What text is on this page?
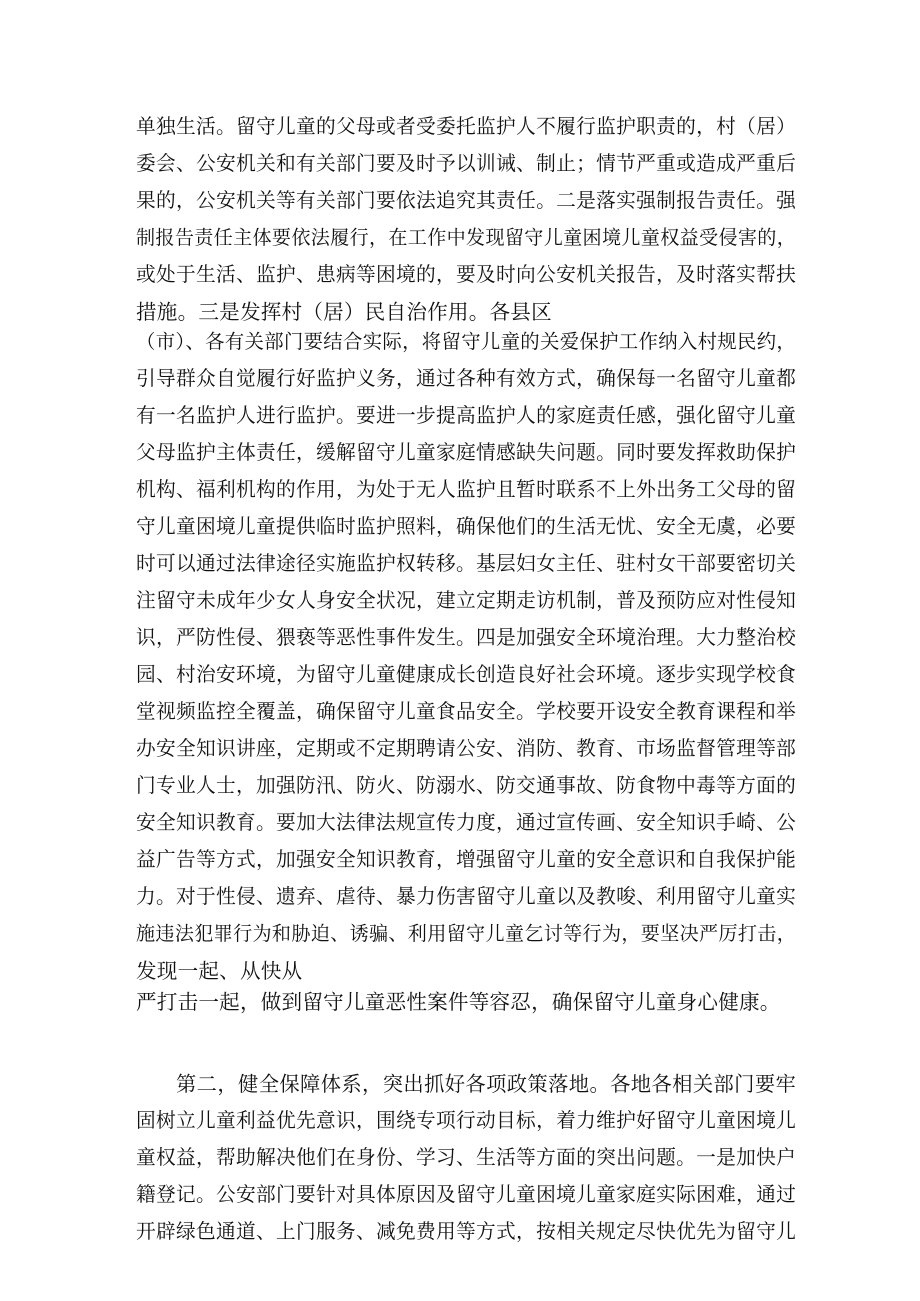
单独生活。留守儿童的父母或者受委托监护人不履行监护职责的，村（居）
委会、公安机关和有关部门要及时予以训诫、制止；情节严重或造成严重后
果的，公安机关等有关部门要依法追究其责任。二是落实强制报告责任。强
制报告责任主体要依法履行，在工作中发现留守儿童困境儿童权益受侵害的，
或处于生活、监护、患病等困境的，要及时向公安机关报告，及时落实帮扶
措施。三是发挥村（居）民自治作用。各县区
（市）、各有关部门要结合实际，将留守儿童的关爱保护工作纳入村规民约，
引导群众自觉履行好监护义务，通过各种有效方式，确保每一名留守儿童都
有一名监护人进行监护。要进一步提高监护人的家庭责任感，强化留守儿童
父母监护主体责任，缓解留守儿童家庭情感缺失问题。同时要发挥救助保护
机构、福利机构的作用，为处于无人监护且暂时联系不上外出务工父母的留
守儿童困境儿童提供临时监护照料，确保他们的生活无忧、安全无虞，必要
时可以通过法律途径实施监护权转移。基层妇女主任、驻村女干部要密切关
注留守未成年少女人身安全状况，建立定期走访机制，普及预防应对性侵知
识，严防性侵、猥亵等恶性事件发生。四是加强安全环境治理。大力整治校
园、村治安环境，为留守儿童健康成长创造良好社会环境。逐步实现学校食
堂视频监控全覆盖，确保留守儿童食品安全。学校要开设安全教育课程和举
办安全知识讲座，定期或不定期聘请公安、消防、教育、市场监督管理等部
门专业人士，加强防汛、防火、防溺水、防交通事故、防食物中毒等方面的
安全知识教育。要加大法律法规宣传力度，通过宣传画、安全知识手崎、公
益广告等方式，加强安全知识教育，增强留守儿童的安全意识和自我保护能
力。对于性侵、遗弃、虐待、暴力伤害留守儿童以及教唆、利用留守儿童实
施违法犯罪行为和胁迫、诱骗、利用留守儿童乞讨等行为，要坚决严厉打击，
发现一起、从快从
严打击一起，做到留守儿童恶性案件等容忍，确保留守儿童身心健康。
第二，健全保障体系，突出抓好各项政策落地。各地各相关部门要牢
固树立儿童利益优先意识，围绕专项行动目标，着力维护好留守儿童困境儿
童权益，帮助解决他们在身份、学习、生活等方面的突出问题。一是加快户
籍登记。公安部门要针对具体原因及留守儿童困境儿童家庭实际困难，通过
开辟绿色通道、上门服务、减免费用等方式，按相关规定尽快优先为留守儿
